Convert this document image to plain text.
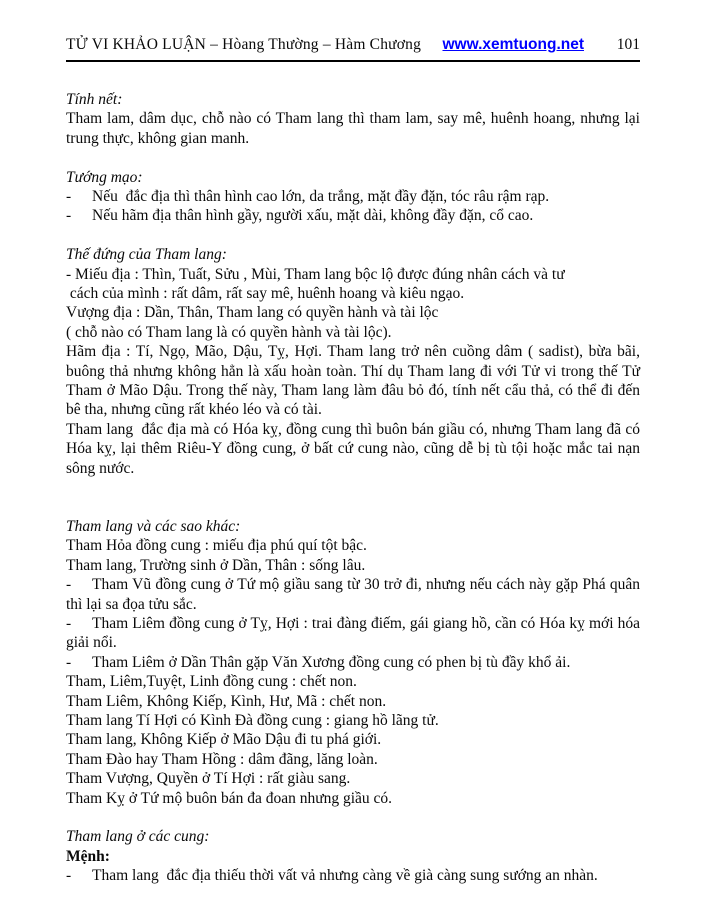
TỬ VI KHẢO LUẬN – Hòang Thường – Hàm Chương	www.xemtuong.net	101

Tính nết:

Tham lam, dâm dục, chỗ nào có Tham lang thì tham lam, say mê, huênh hoang, nhưng lại trung thực, không gian manh.

Tướng mạo:

- Nếu  đắc địa thì thân hình cao lớn, da trắng, mặt đầy đặn, tóc râu rậm rạp.

- Nếu hãm địa thân hình gầy, người xấu, mặt dài, không đầy đặn, cổ cao.

Thế đứng của Tham lang:

- Miếu địa : Thìn, Tuất, Sửu , Mùi, Tham lang bộc lộ được đúng nhân cách và tư

cách của mình : rất dâm, rất say mê, huênh hoang và kiêu ngạo.

Vượng địa : Dần, Thân, Tham lang có quyền hành và tài lộc

( chỗ nào có Tham lang là có quyền hành và tài lộc).

Hãm địa : Tí, Ngọ, Mão, Dậu, Tỵ, Hợi. Tham lang trở nên cuồng dâm ( sadist), bừa bãi, buông thả nhưng không hẳn là xấu hoàn toàn. Thí dụ Tham lang đi với Tử vi trong thế Tử Tham ở Mão Dậu. Trong thế này, Tham lang làm đâu bỏ đó, tính nết cẩu thả, có thể đi đến bê tha, nhưng cũng rất khéo léo và có tài.

Tham lang  đắc địa mà có Hóa kỵ, đồng cung thì buôn bán giầu có, nhưng Tham lang đã có Hóa kỵ, lại thêm Riêu-Y đồng cung, ở bất cứ cung nào, cũng dễ bị tù tội hoặc mắc tai nạn sông nước.

Tham lang và các sao khác:

Tham Hỏa đồng cung : miếu địa phú quí tột bậc.

Tham lang, Trường sinh ở Dần, Thân : sống lâu.

- Tham Vũ đồng cung ở Tứ mộ giầu sang từ 30 trở đi, nhưng nếu cách này gặp Phá quân thì lại sa đọa tửu sắc.

- Tham Liêm đồng cung ở Tỵ, Hợi : trai đàng điếm, gái giang hồ, cần có Hóa kỵ mới hóa giải nổi.

- Tham Liêm ở Dần Thân gặp Văn Xương đồng cung có phen bị tù đầy khổ ải.

Tham, Liêm,Tuyệt, Linh đồng cung : chết non.

Tham Liêm, Không Kiếp, Kình, Hư, Mã : chết non.

Tham lang Tí Hợi có Kình Đà đồng cung : giang hồ lãng tử.

Tham lang, Không Kiếp ở Mão Dậu đi tu phá giới.

Tham Đào hay Tham Hồng : dâm đãng, lăng loàn.

Tham Vượng, Quyền ở Tí Hợi : rất giàu sang.

Tham Kỵ ở Tứ mộ buôn bán đa đoan nhưng giầu có.

Tham lang ở các cung:

Mệnh:

- Tham lang  đắc địa thiếu thời vất vả nhưng càng về già càng sung sướng an nhàn.
